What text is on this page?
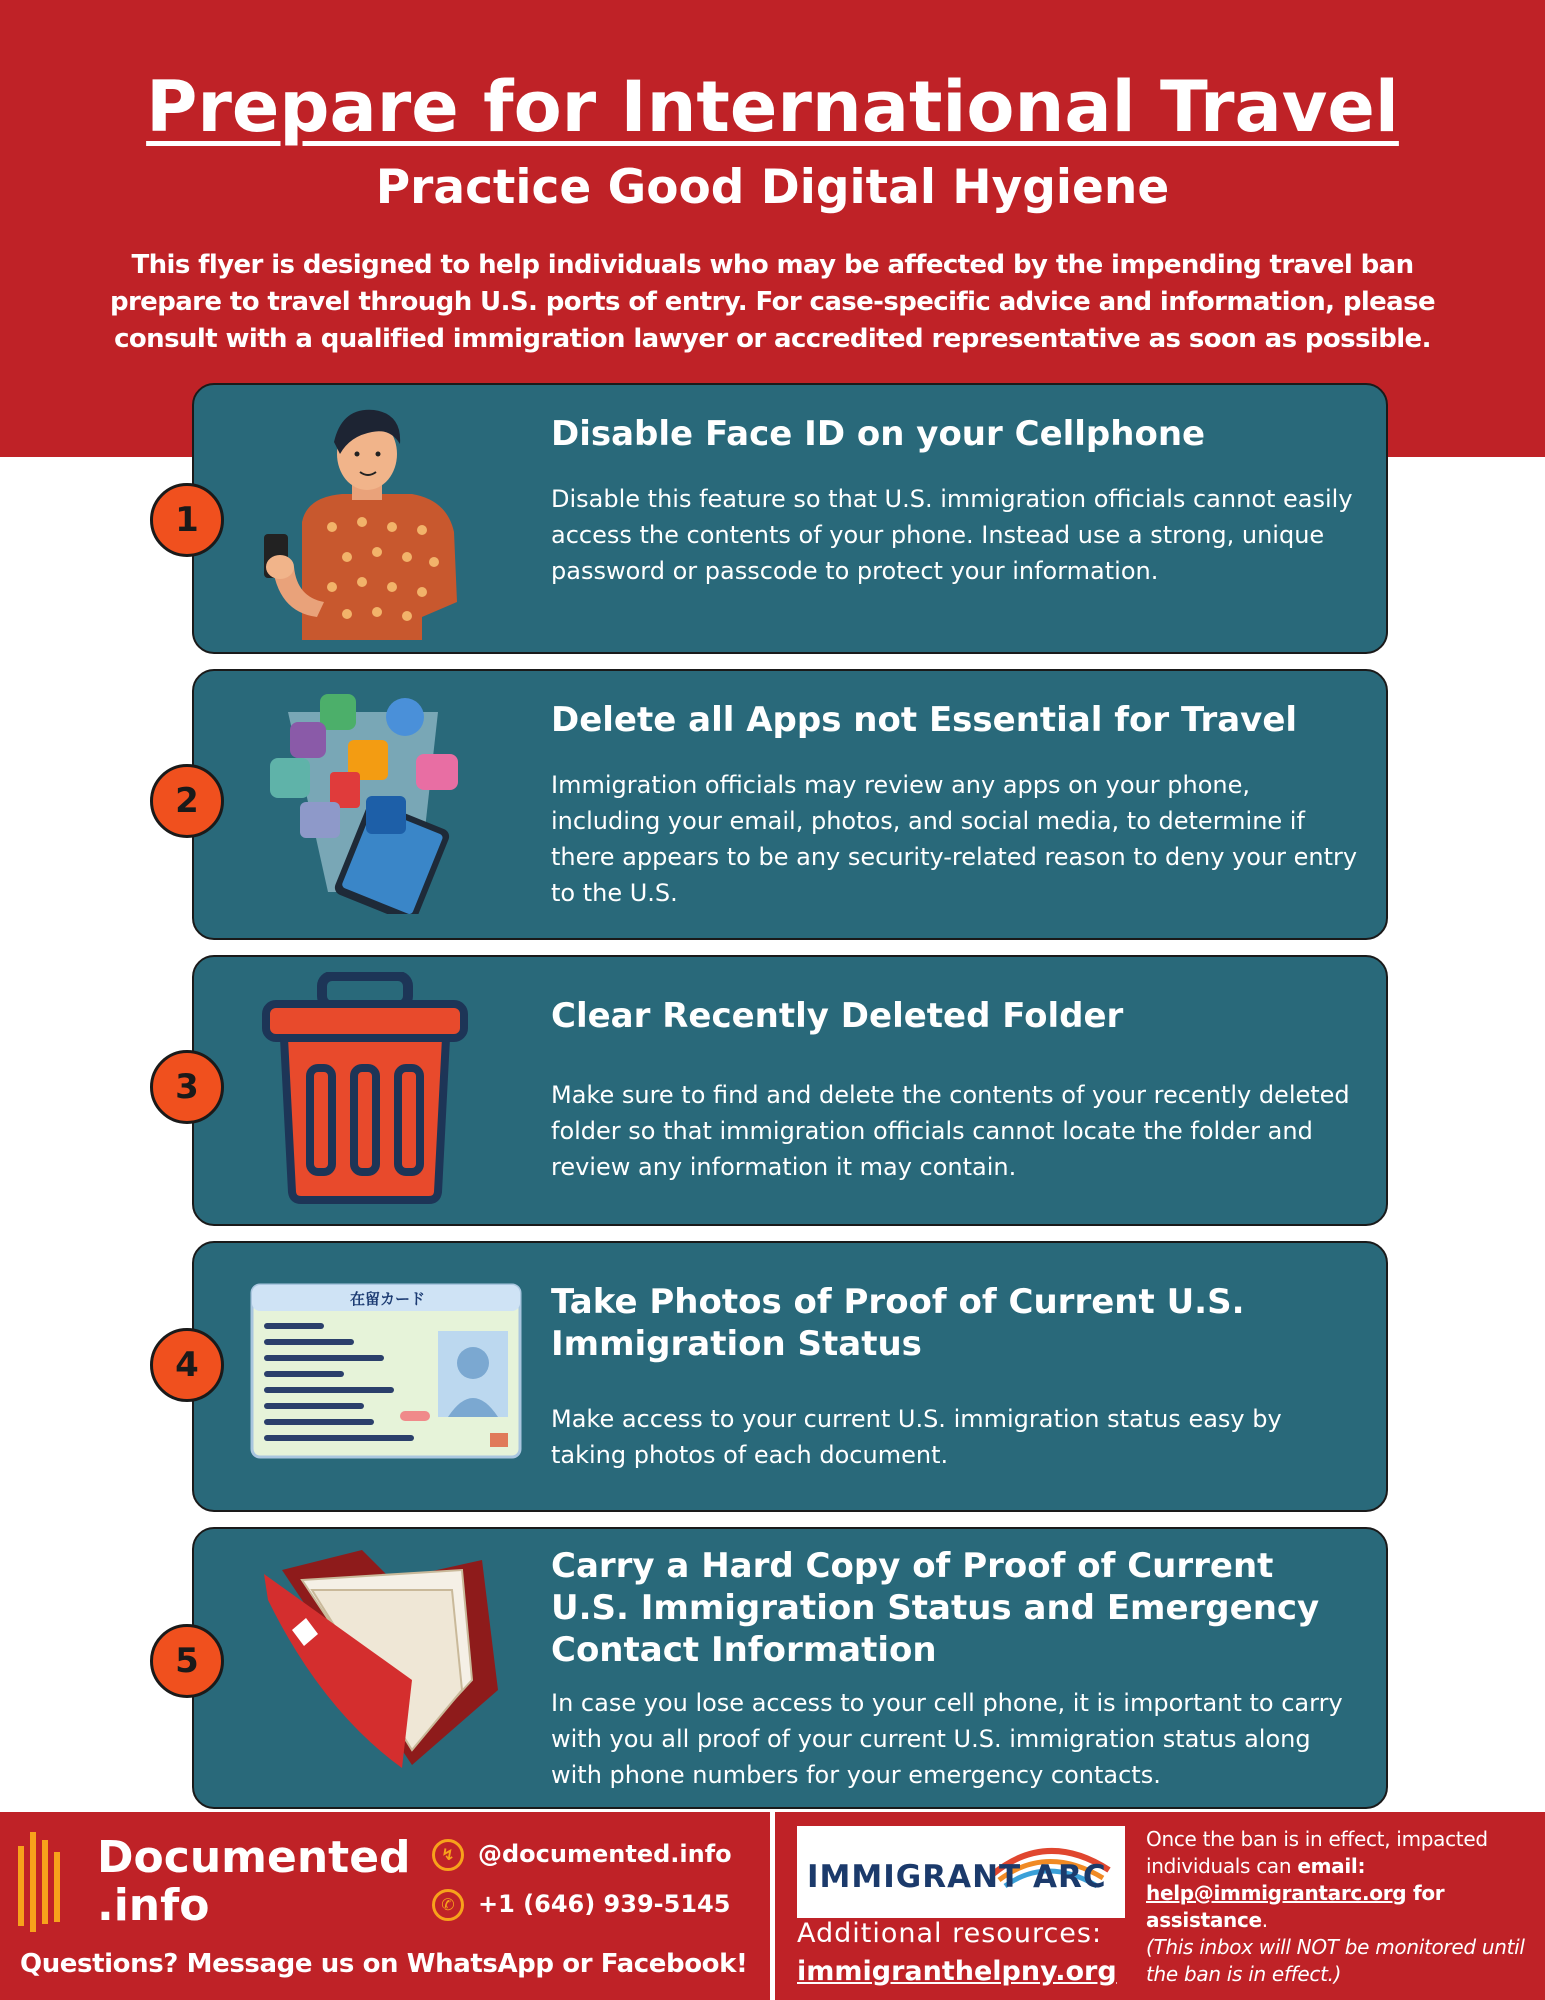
Prepare for International Travel
Practice Good Digital Hygiene
This flyer is designed to help individuals who may be affected by the impending travel ban prepare to travel through U.S. ports of entry. For case-specific advice and information, please consult with a qualified immigration lawyer or accredited representative as soon as possible.
Disable Face ID on your Cellphone
Disable this feature so that U.S. immigration officials cannot easily access the contents of your phone. Instead use a strong, unique password or passcode to protect your information.
1
Delete all Apps not Essential for Travel
Immigration officials may review any apps on your phone, including your email, photos, and social media, to determine if there appears to be any security-related reason to deny your entry to the U.S.
2
Clear Recently Deleted Folder
Make sure to find and delete the contents of your recently deleted folder so that immigration officials cannot locate the folder and review any information it may contain.
3
Take Photos of Proof of Current U.S. Immigration Status
Make access to your current U.S. immigration status easy by taking photos of each document.
4
在留カード
Carry a Hard Copy of Proof of Current U.S. Immigration Status and Emergency Contact Information
In case you lose access to your cell phone, it is important to carry with you all proof of your current U.S. immigration status along with phone numbers for your emergency contacts.
5
Documented
.info
↯ @documented.info
✆ +1 (646) 939-5145
Questions? Message us on WhatsApp or Facebook!
IMMIGRANT ARC
Additional resources:
immigranthelpny.org
Once the ban is in effect, impacted individuals can email: help@immigrantarc.org for assistance.
(This inbox will NOT be monitored until the ban is in effect.)
